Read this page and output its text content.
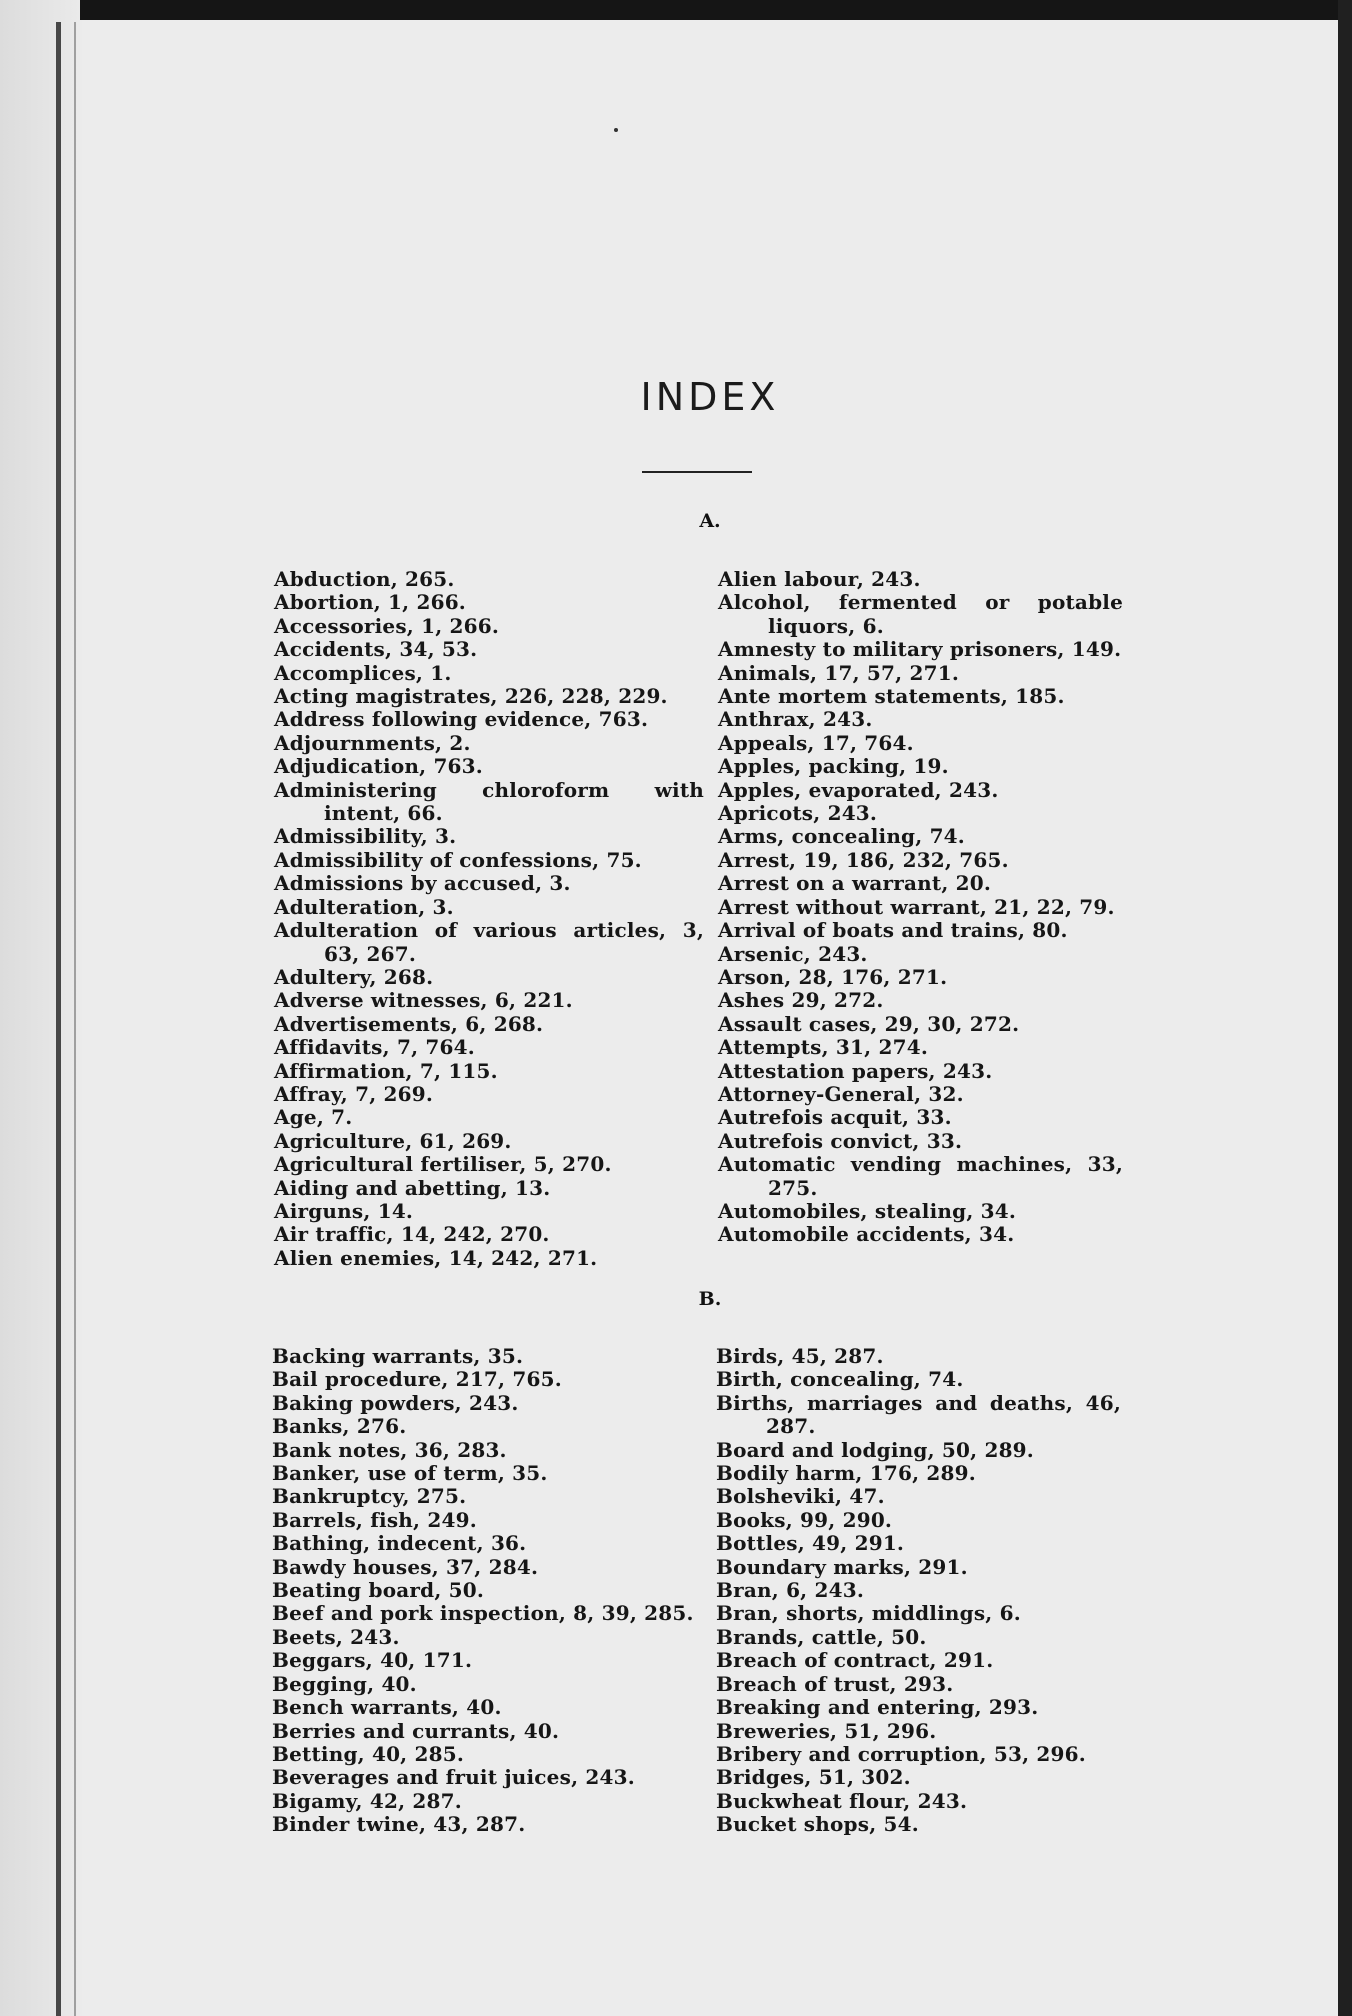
INDEX
A.
Abduction, 265.
Abortion, 1, 266.
Accessories, 1, 266.
Accidents, 34, 53.
Accomplices, 1.
Acting magistrates, 226, 228, 229.
Address following evidence, 763.
Adjournments, 2.
Adjudication, 763.
Administering chloroform with intent, 66.
Admissibility, 3.
Admissibility of confessions, 75.
Admissions by accused, 3.
Adulteration, 3.
Adulteration of various articles, 3, 63, 267.
Adultery, 268.
Adverse witnesses, 6, 221.
Advertisements, 6, 268.
Affidavits, 7, 764.
Affirmation, 7, 115.
Affray, 7, 269.
Age, 7.
Agriculture, 61, 269.
Agricultural fertiliser, 5, 270.
Aiding and abetting, 13.
Airguns, 14.
Air traffic, 14, 242, 270.
Alien enemies, 14, 242, 271.
Alien labour, 243.
Alcohol, fermented or potable liquors, 6.
Amnesty to military prisoners, 149.
Animals, 17, 57, 271.
Ante mortem statements, 185.
Anthrax, 243.
Appeals, 17, 764.
Apples, packing, 19.
Apples, evaporated, 243.
Apricots, 243.
Arms, concealing, 74.
Arrest, 19, 186, 232, 765.
Arrest on a warrant, 20.
Arrest without warrant, 21, 22, 79.
Arrival of boats and trains, 80.
Arsenic, 243.
Arson, 28, 176, 271.
Ashes 29, 272.
Assault cases, 29, 30, 272.
Attempts, 31, 274.
Attestation papers, 243.
Attorney-General, 32.
Autrefois acquit, 33.
Autrefois convict, 33.
Automatic vending machines, 33, 275.
Automobiles, stealing, 34.
Automobile accidents, 34.
B.
Backing warrants, 35.
Bail procedure, 217, 765.
Baking powders, 243.
Banks, 276.
Bank notes, 36, 283.
Banker, use of term, 35.
Bankruptcy, 275.
Barrels, fish, 249.
Bathing, indecent, 36.
Bawdy houses, 37, 284.
Beating board, 50.
Beef and pork inspection, 8, 39, 285.
Beets, 243.
Beggars, 40, 171.
Begging, 40.
Bench warrants, 40.
Berries and currants, 40.
Betting, 40, 285.
Beverages and fruit juices, 243.
Bigamy, 42, 287.
Binder twine, 43, 287.
Birds, 45, 287.
Birth, concealing, 74.
Births, marriages and deaths, 46, 287.
Board and lodging, 50, 289.
Bodily harm, 176, 289.
Bolsheviki, 47.
Books, 99, 290.
Bottles, 49, 291.
Boundary marks, 291.
Bran, 6, 243.
Bran, shorts, middlings, 6.
Brands, cattle, 50.
Breach of contract, 291.
Breach of trust, 293.
Breaking and entering, 293.
Breweries, 51, 296.
Bribery and corruption, 53, 296.
Bridges, 51, 302.
Buckwheat flour, 243.
Bucket shops, 54.
